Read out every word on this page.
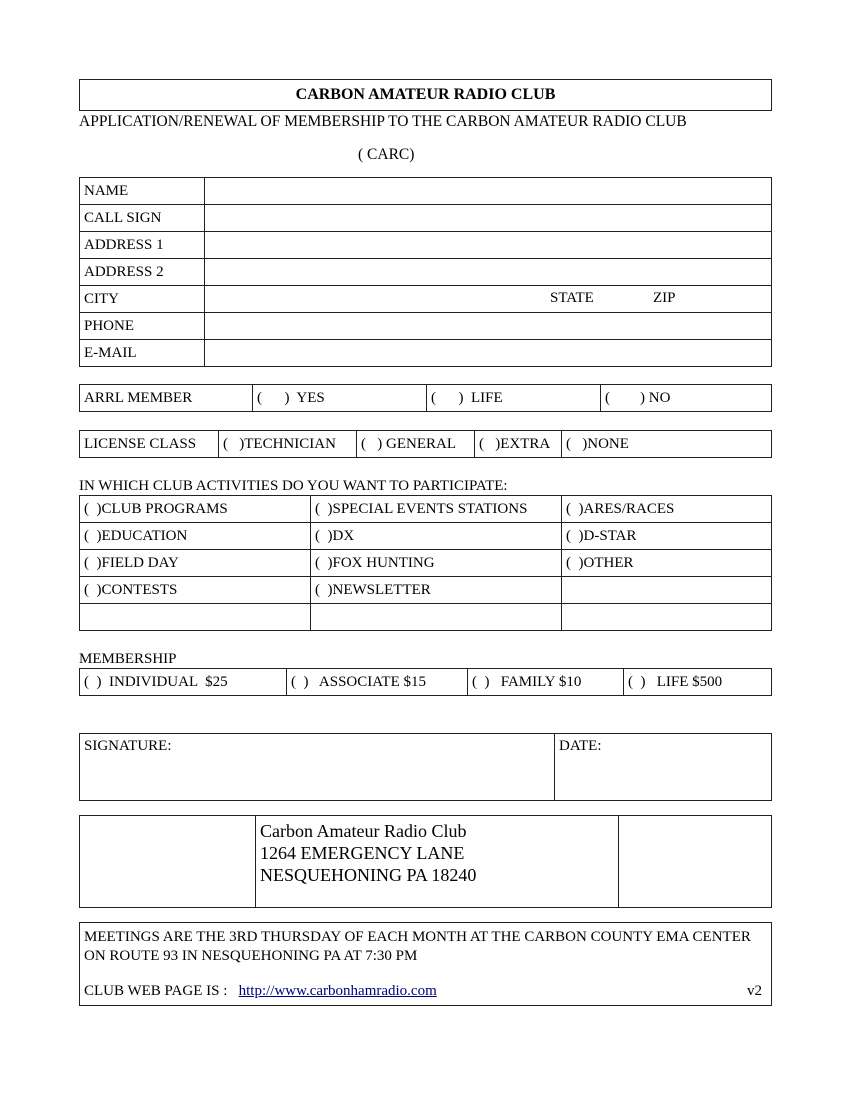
CARBON AMATEUR RADIO CLUB
APPLICATION/RENEWAL OF MEMBERSHIP TO THE CARBON AMATEUR RADIO CLUB
( CARC)
NAME	
CALL SIGN	
ADDRESS 1	
ADDRESS 2	
CITY	STATE ZIP

PHONE	
E-MAIL	
ARRL MEMBER	(      )  YES	(      )  LIFE	(        ) NO
LICENSE CLASS	(   )TECHNICIAN	(   ) GENERAL	(   )EXTRA	(   )NONE
IN WHICH CLUB ACTIVITIES DO YOU WANT TO PARTICIPATE:
(  )CLUB PROGRAMS	(  )SPECIAL EVENTS STATIONS	(  )ARES/RACES
(  )EDUCATION	(  )DX	(  )D-STAR
(  )FIELD DAY	(  )FOX HUNTING	(  )OTHER
(  )CONTESTS	(  )NEWSLETTER	

MEMBERSHIP
(  )  INDIVIDUAL  $25	(  )   ASSOCIATE $15	(  )   FAMILY $10	(  )   LIFE $500
SIGNATURE:	DATE:

Carbon Amateur Radio Club
1264 EMERGENCY LANE
NESQUEHONING PA 18240

MEETINGS ARE THE 3RD THURSDAY OF EACH MONTH AT THE CARBON COUNTY EMA CENTER ON ROUTE 93 IN NESQUEHONING PA AT 7:30 PM
CLUB WEB PAGE IS : http://www.carbonhamradio.com	v2
